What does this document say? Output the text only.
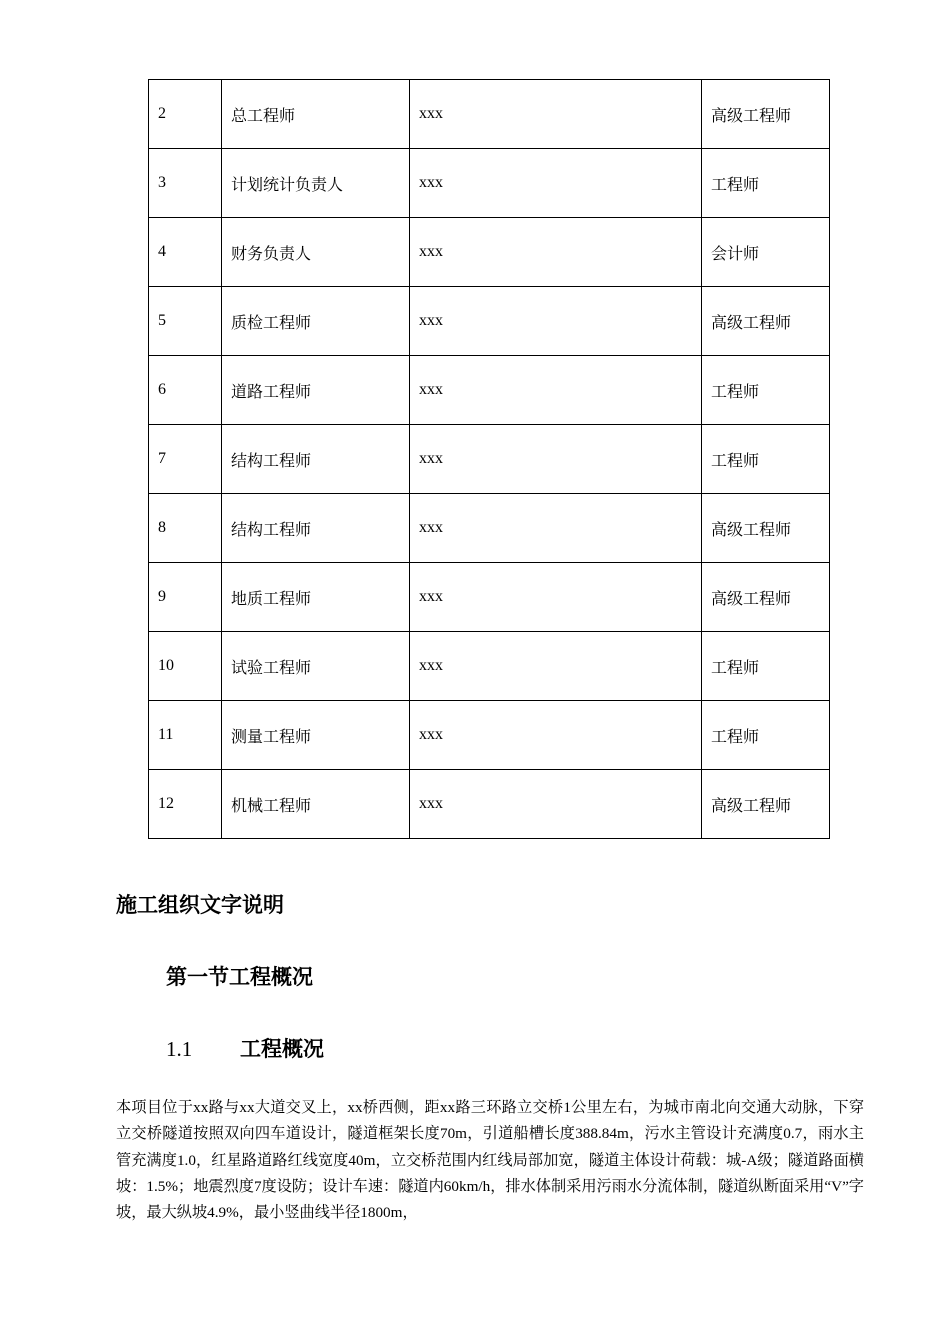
2	总工程师	xxx	高级工程师
3	计划统计负责人	xxx	工程师
4	财务负责人	xxx	会计师
5	质检工程师	xxx	高级工程师
6	道路工程师	xxx	工程师
7	结构工程师	xxx	工程师
8	结构工程师	xxx	高级工程师
9	地质工程师	xxx	高级工程师
10	试验工程师	xxx	工程师
11	测量工程师	xxx	工程师
12	机械工程师	xxx	高级工程师
施工组织文字说明
第一节工程概况
1.1 工程概况

本项目位于xx路与xx大道交叉上，xx桥西侧，距xx路三环路立交桥1公里左右，为城市南北向交通大动脉，下穿立交桥隧道按照双向四车道设计，隧道框架长度70m，引道船槽长度388.84m，污水主管设计充满度0.7，雨水主管充满度1.0，红星路道路红线宽度40m，立交桥范围内红线局部加宽，隧道主体设计荷载：城-A级；隧道路面横坡：1.5%；地震烈度7度设防；设计车速：隧道内60km/h，排水体制采用污雨水分流体制，隧道纵断面采用“V”字坡，最大纵坡4.9%，最小竖曲线半径1800m，
